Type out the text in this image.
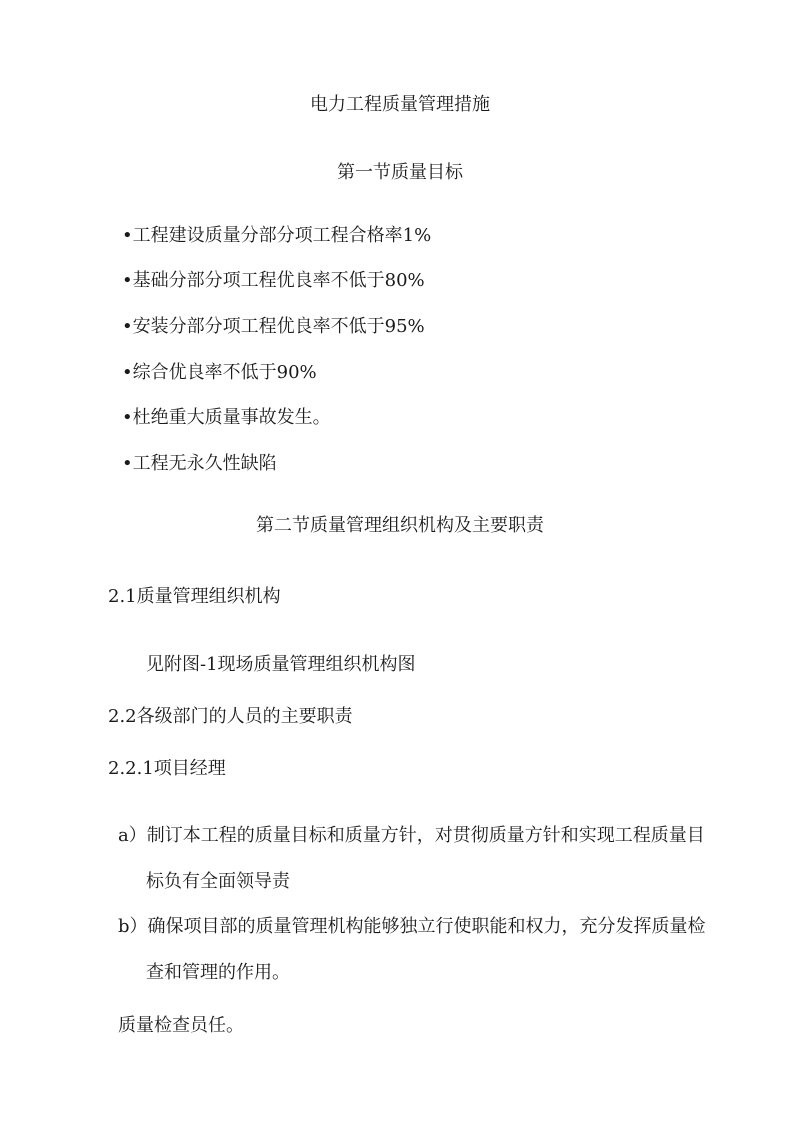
电力工程质量管理措施
第一节质量目标
•工程建设质量分部分项工程合格率1%
•基础分部分项工程优良率不低于80%
•安装分部分项工程优良率不低于95%
•综合优良率不低于90%
•杜绝重大质量事故发生。
•工程无永久性缺陷
第二节质量管理组织机构及主要职责
2.1质量管理组织机构
见附图-1现场质量管理组织机构图
2.2各级部门的人员的主要职责
2.2.1项目经理
a）制订本工程的质量目标和质量方针，对贯彻质量方针和实现工程质量目
标负有全面领导责
b）确保项目部的质量管理机构能够独立行使职能和权力，充分发挥质量检
查和管理的作用。
质量检查员任。
